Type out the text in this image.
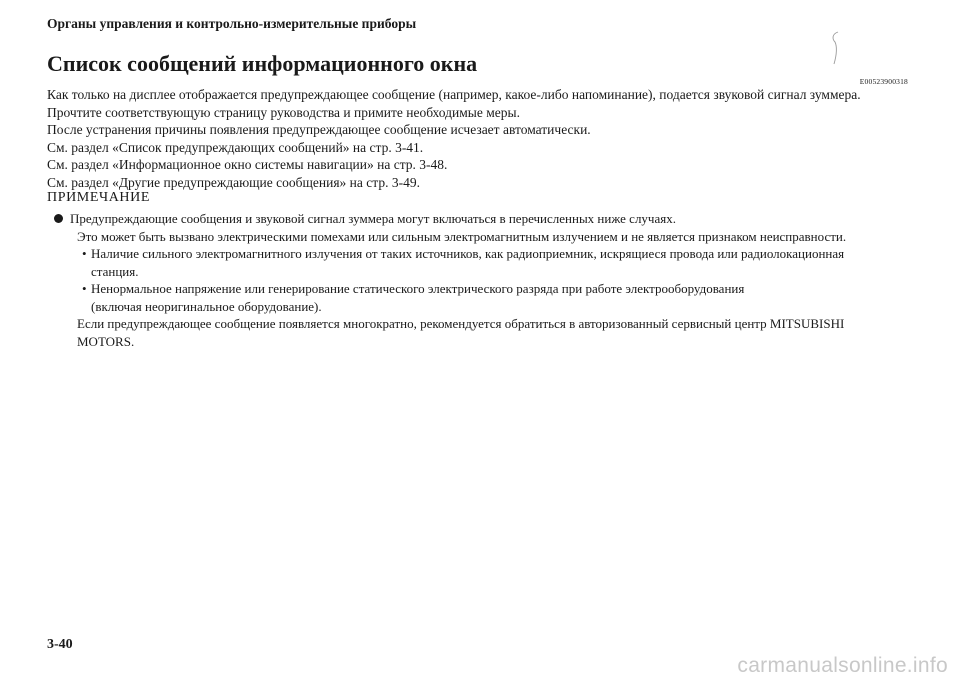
Органы управления и контрольно-измерительные приборы
Список сообщений информационного окна
E00523900318
Как только на дисплее отображается предупреждающее сообщение (например, какое-либо напоминание), подается звуковой сигнал зуммера.
Прочтите соответствующую страницу руководства и примите необходимые меры.
После устранения причины появления предупреждающее сообщение исчезает автоматически.
См. раздел «Список предупреждающих сообщений» на стр. 3-41.
См. раздел «Информационное окно системы навигации» на стр. 3-48.
См. раздел «Другие предупреждающие сообщения» на стр. 3-49.
ПРИМЕЧАНИЕ
Предупреждающие сообщения и звуковой сигнал зуммера могут включаться в перечисленных ниже случаях.
Это может быть вызвано электрическими помехами или сильным электромагнитным излучением и не является признаком неисправности.
• Наличие сильного электромагнитного излучения от таких источников, как радиоприемник, искрящиеся провода или радиолокационная
станция.
• Ненормальное напряжение или генерирование статического электрического разряда при работе электрооборудования
(включая неоригинальное оборудование).
Если предупреждающее сообщение появляется многократно, рекомендуется обратиться в авторизованный сервисный центр MITSUBISHI
MOTORS.
3-40
carmanualsonline.info
